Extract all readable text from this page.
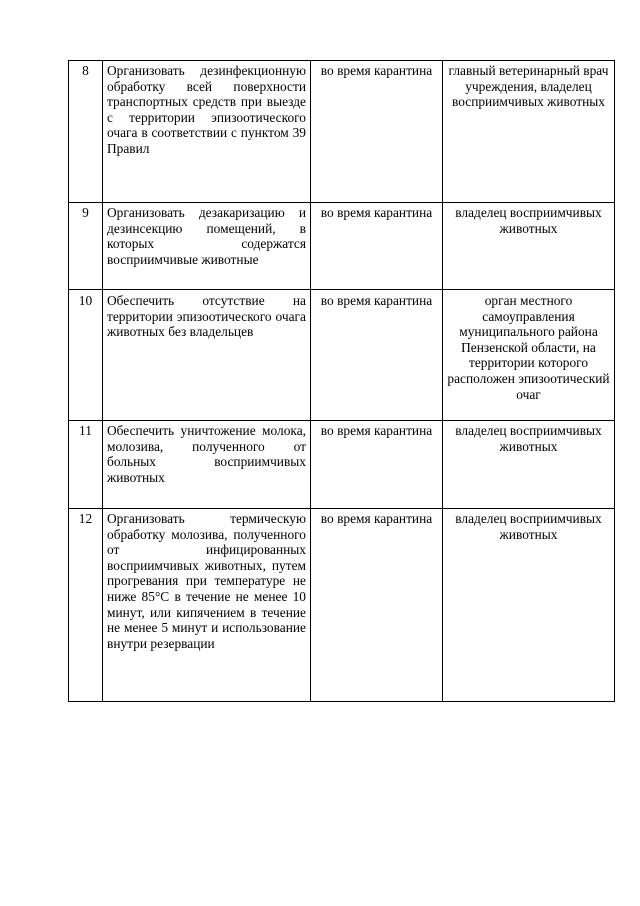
8	Организовать дезинфекционную обработку всей поверхности транспортных средств при выезде с территории эпизоотического очага в соответствии с пунктом 39 Правил	во время карантина	главный ветеринарный врач учреждения, владелец восприимчивых животных
9	Организовать дезакаризацию и дезинсекцию помещений, в которых содержатся восприимчивые животные	во время карантина	владелец восприимчивых животных
10	Обеспечить отсутствие на территории эпизоотического очага животных без владельцев	во время карантина	орган местного самоуправления муниципального района Пензенской области, на территории которого расположен эпизоотический очаг
11	Обеспечить уничтожение молока, молозива, полученного от больных восприимчивых животных	во время карантина	владелец восприимчивых животных
12	Организовать термическую обработку молозива, полученного от инфицированных восприимчивых животных, путем прогревания при температуре не ниже 85°С в течение не менее 10 минут, или кипячением в течение не менее 5 минут и использование внутри резервации	во время карантина	владелец восприимчивых животных
